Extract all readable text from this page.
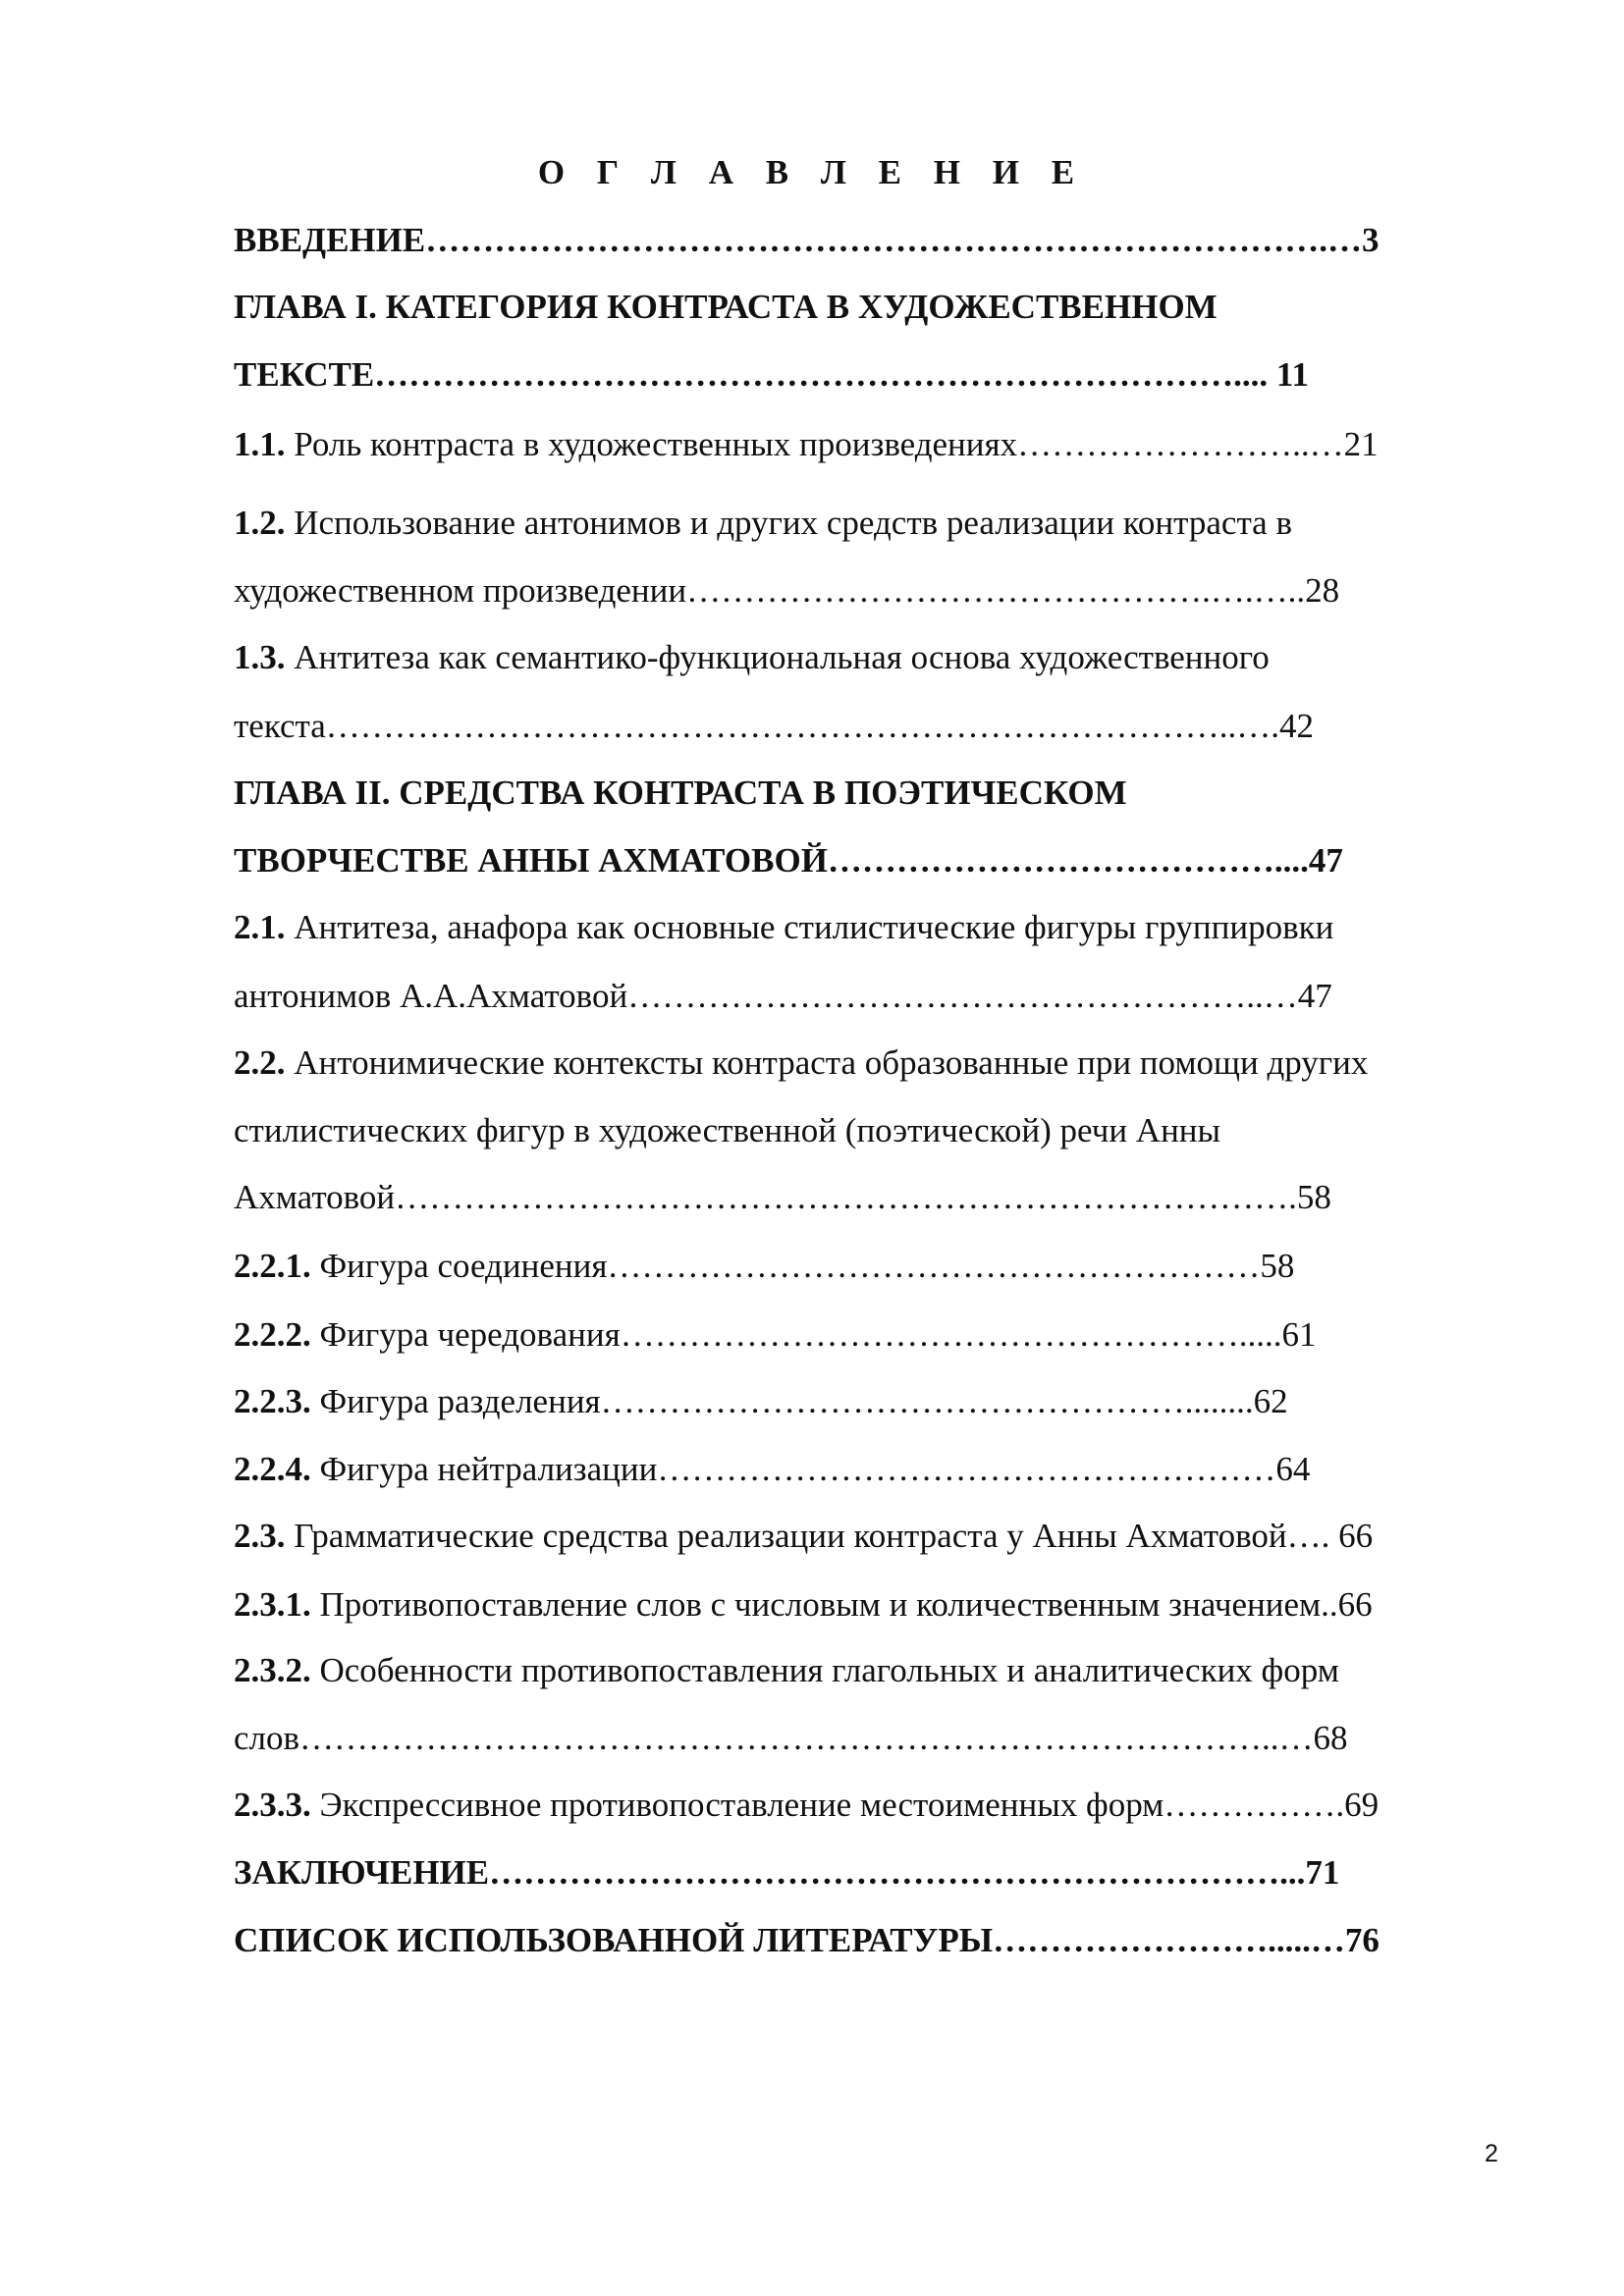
О Г Л А В Л Е Н И Е
ВВЕДЕНИЕ…………………………………………………………………….…3
ГЛАВА I. КАТЕГОРИЯ КОНТРАСТА В ХУДОЖЕСТВЕННОМ
ТЕКСТЕ………………………………………………………………….... 11
1.1. Роль контраста в художественных произведениях……………………..…21
1.2. Использование антонимов и других средств реализации контраста в
художественном произведении……………………………………….….…..28
1.3. Антитеза как семантико-функциональная основа художественного
текста……………………………………………………………………..….42
ГЛАВА II. СРЕДСТВА КОНТРАСТА В ПОЭТИЧЕСКОМ
ТВОРЧЕСТВЕ АННЫ АХМАТОВОЙ…………………………………....47
2.1. Антитеза, анафора как основные стилистические фигуры группировки
антонимов А.А.Ахматовой………………………………………………..…47
2.2. Антонимические контексты контраста образованные при помощи других
стилистических фигур в художественной (поэтической) речи Анны
Ахматовой…………………………………………………………………….58
2.2.1. Фигура соединения…………………………………………………58
2.2.2. Фигура чередования……………………………………………….....61
2.2.3. Фигура разделения……………………………………………........62
2.2.4. Фигура нейтрализации………………………………………………64
2.3. Грамматические средства реализации контраста у Анны Ахматовой…. 66
2.3.1. Противопоставление слов с числовым и количественным значением..66
2.3.2. Особенности противопоставления глагольных и аналитических форм
слов…………………………………………………………………………..…68
2.3.3. Экспрессивное противопоставление местоименных форм…………….69
ЗАКЛЮЧЕНИЕ……………………………………………………………...71
СПИСОК ИСПОЛЬЗОВАННОЙ ЛИТЕРАТУРЫ…………………….....…76
2
